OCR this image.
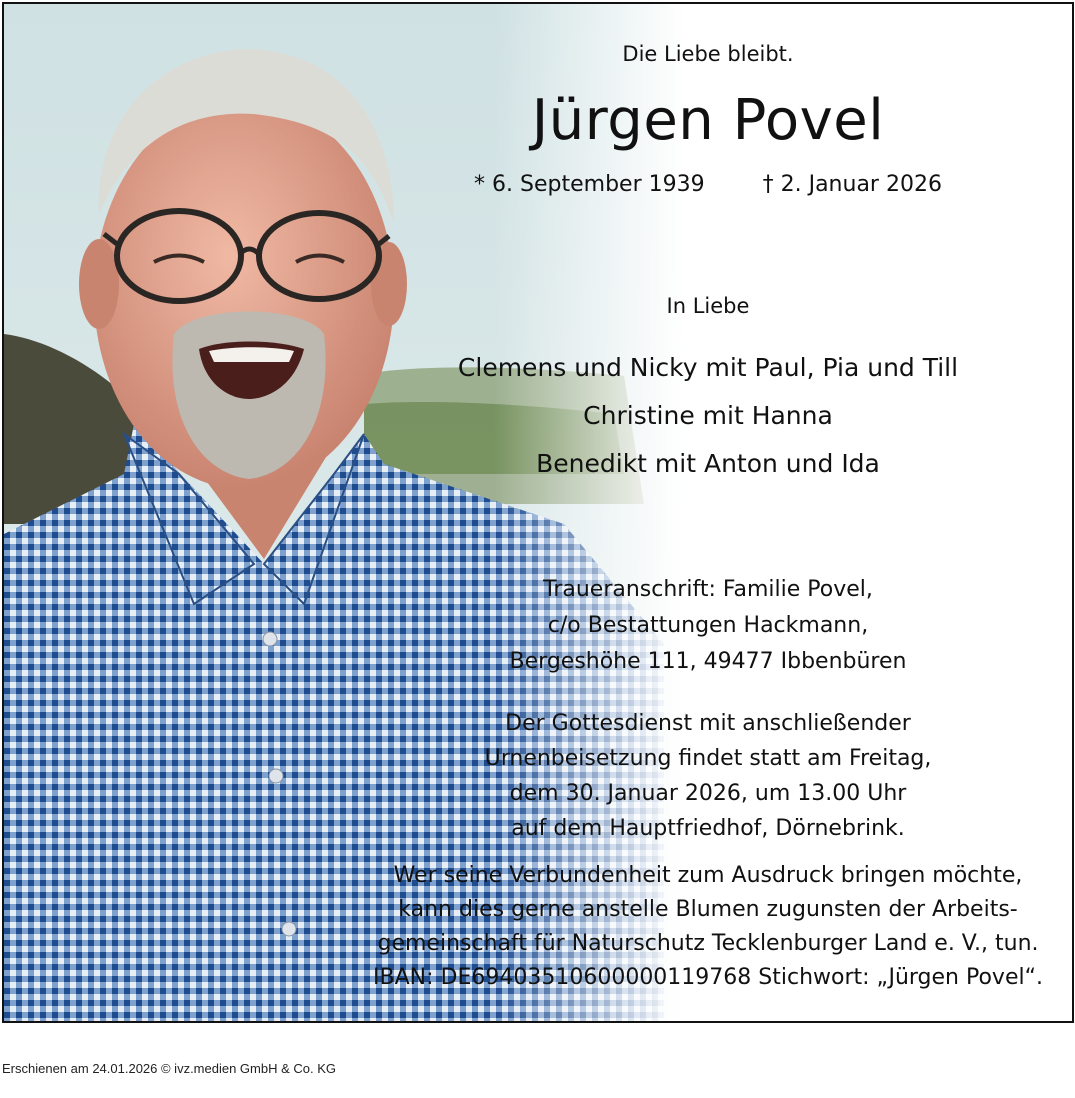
Die Liebe bleibt.
Jürgen Povel
* 6. September 1939	† 2. Januar 2026
In Liebe
Clemens und Nicky mit Paul, Pia und Till
Christine mit Hanna
Benedikt mit Anton und Ida
Traueranschrift: Familie Povel,
c/o Bestattungen Hackmann,
Bergeshöhe 111, 49477 Ibbenbüren
Der Gottesdienst mit anschließender
Urnenbeisetzung findet statt am Freitag,
dem 30. Januar 2026, um 13.00 Uhr
auf dem Hauptfriedhof, Dörnebrink.
Wer seine Verbundenheit zum Ausdruck bringen möchte,
kann dies gerne anstelle Blumen zugunsten der Arbeits-
gemeinschaft für Naturschutz Tecklenburger Land e. V., tun.
IBAN: DE69403510600000119768 Stichwort: „Jürgen Povel“.
Erschienen am 24.01.2026 © ivz.medien GmbH & Co. KG
